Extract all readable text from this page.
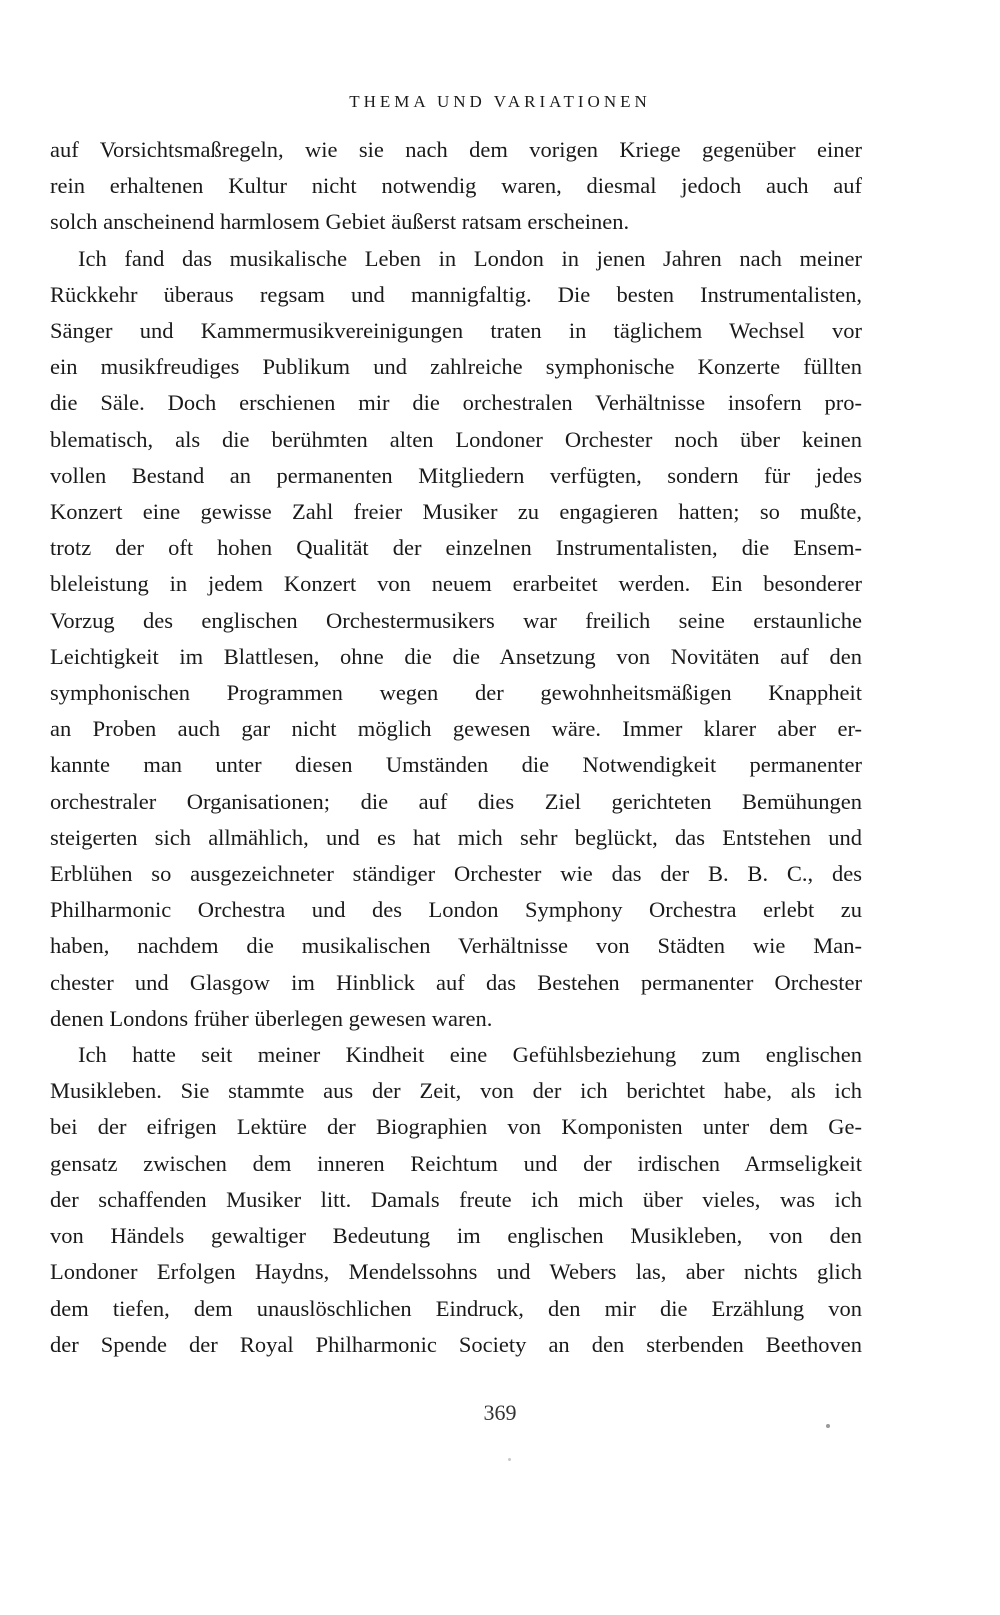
THEMA UND VARIATIONEN

auf Vorsichtsmaßregeln, wie sie nach dem vorigen Kriege gegenüber einer
rein erhaltenen Kultur nicht notwendig waren, diesmal jedoch auch auf
solch anscheinend harmlosem Gebiet äußerst ratsam erscheinen.

Ich fand das musikalische Leben in London in jenen Jahren nach meiner
Rückkehr überaus regsam und mannigfaltig. Die besten Instrumentalisten,
Sänger und Kammermusikvereinigungen traten in täglichem Wechsel vor
ein musikfreudiges Publikum und zahlreiche symphonische Konzerte füllten
die Säle. Doch erschienen mir die orchestralen Verhältnisse insofern pro-
blematisch, als die berühmten alten Londoner Orchester noch über keinen
vollen Bestand an permanenten Mitgliedern verfügten, sondern für jedes
Konzert eine gewisse Zahl freier Musiker zu engagieren hatten; so mußte,
trotz der oft hohen Qualität der einzelnen Instrumentalisten, die Ensem-
bleleistung in jedem Konzert von neuem erarbeitet werden. Ein besonderer
Vorzug des englischen Orchestermusikers war freilich seine erstaunliche
Leichtigkeit im Blattlesen, ohne die die Ansetzung von Novitäten auf den
symphonischen Programmen wegen der gewohnheitsmäßigen Knappheit
an Proben auch gar nicht möglich gewesen wäre. Immer klarer aber er-
kannte man unter diesen Umständen die Notwendigkeit permanenter
orchestraler Organisationen; die auf dies Ziel gerichteten Bemühungen
steigerten sich allmählich, und es hat mich sehr beglückt, das Entstehen und
Erblühen so ausgezeichneter ständiger Orchester wie das der B. B. C., des
Philharmonic Orchestra und des London Symphony Orchestra erlebt zu
haben, nachdem die musikalischen Verhältnisse von Städten wie Man-
chester und Glasgow im Hinblick auf das Bestehen permanenter Orchester
denen Londons früher überlegen gewesen waren.

Ich hatte seit meiner Kindheit eine Gefühlsbeziehung zum englischen
Musikleben. Sie stammte aus der Zeit, von der ich berichtet habe, als ich
bei der eifrigen Lektüre der Biographien von Komponisten unter dem Ge-
gensatz zwischen dem inneren Reichtum und der irdischen Armseligkeit
der schaffenden Musiker litt. Damals freute ich mich über vieles, was ich
von Händels gewaltiger Bedeutung im englischen Musikleben, von den
Londoner Erfolgen Haydns, Mendelssohns und Webers las, aber nichts glich
dem tiefen, dem unauslöschlichen Eindruck, den mir die Erzählung von
der Spende der Royal Philharmonic Society an den sterbenden Beethoven

369
